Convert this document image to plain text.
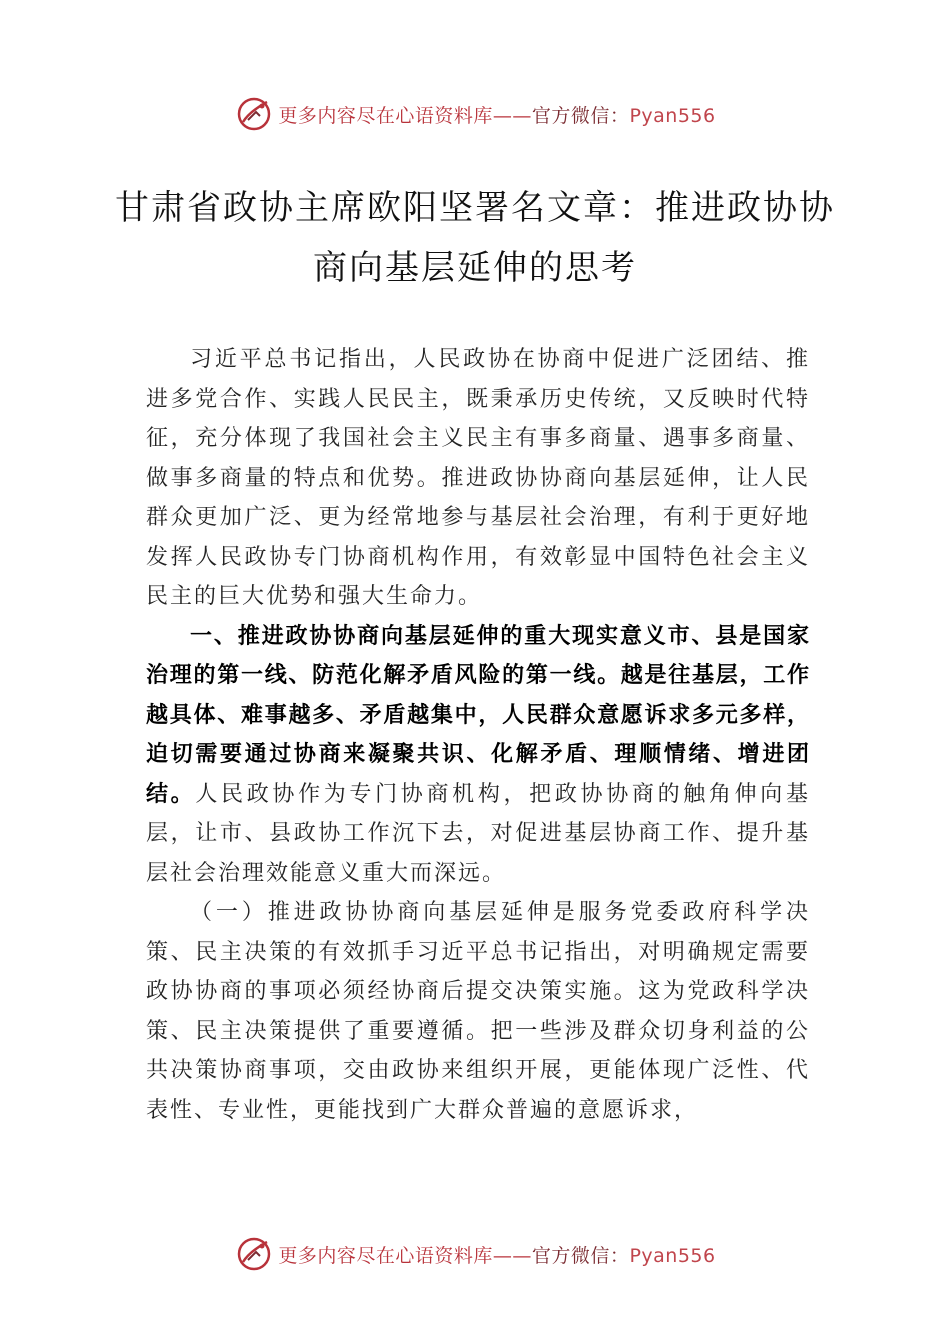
更多内容尽在心语资料库——官方微信：Pyan556
甘肃省政协主席欧阳坚署名文章：推进政协协商向基层延伸的思考

习近平总书记指出，人民政协在协商中促进广泛团结、推进多党合作、实践人民民主，既秉承历史传统，又反映时代特征，充分体现了我国社会主义民主有事多商量、遇事多商量、做事多商量的特点和优势。推进政协协商向基层延伸，让人民群众更加广泛、更为经常地参与基层社会治理，有利于更好地发挥人民政协专门协商机构作用，有效彰显中国特色社会主义民主的巨大优势和强大生命力。

一、推进政协协商向基层延伸的重大现实意义市、县是国家治理的第一线、防范化解矛盾风险的第一线。越是往基层，工作越具体、难事越多、矛盾越集中，人民群众意愿诉求多元多样，迫切需要通过协商来凝聚共识、化解矛盾、理顺情绪、增进团结。人民政协作为专门协商机构，把政协协商的触角伸向基层，让市、县政协工作沉下去，对促进基层协商工作、提升基层社会治理效能意义重大而深远。

（一）推进政协协商向基层延伸是服务党委政府科学决策、民主决策的有效抓手习近平总书记指出，对明确规定需要政协协商的事项必须经协商后提交决策实施。这为党政科学决策、民主决策提供了重要遵循。把一些涉及群众切身利益的公共决策协商事项，交由政协来组织开展，更能体现广泛性、代表性、专业性，更能找到广大群众普遍的意愿诉求，

更多内容尽在心语资料库——官方微信：Pyan556
